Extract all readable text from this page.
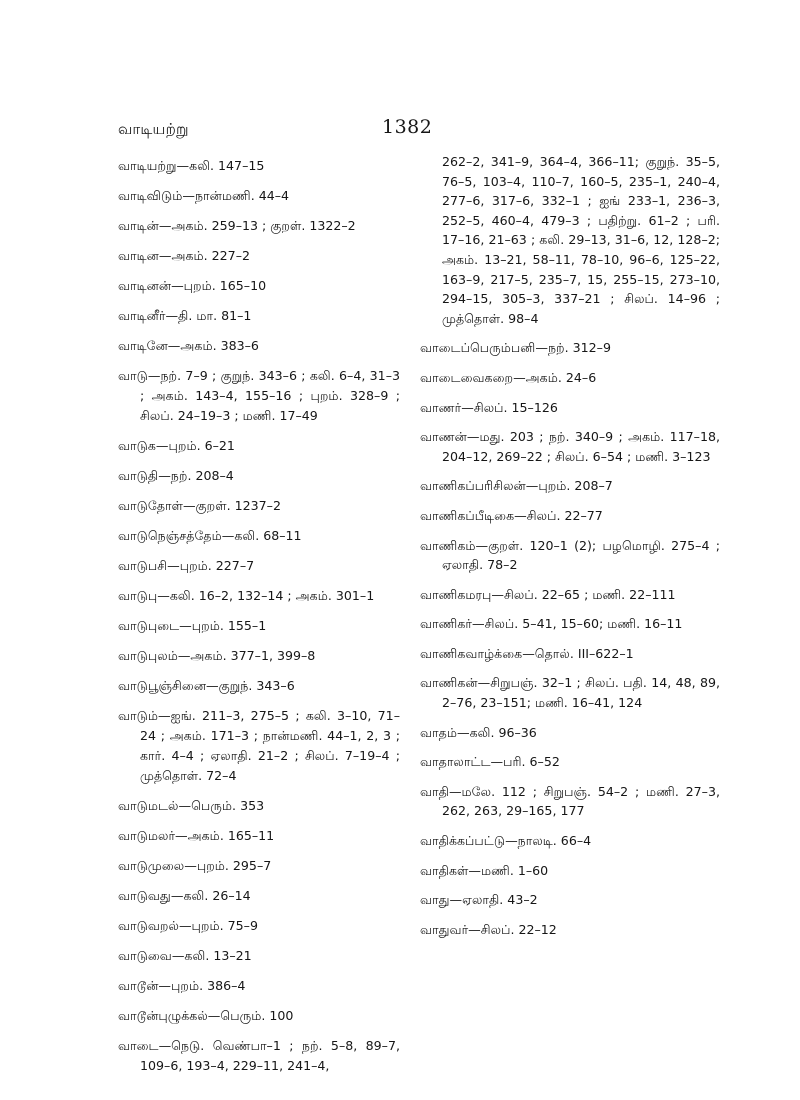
வாடியற்று	1382
வாடியற்று—கலி. 147–15
வாடிவிடும்—நான்மணி. 44–4
வாடின்—அகம். 259–13 ; குறள். 1322–2
வாடின—அகம். 227–2
வாடினன்—புறம். 165–10
வாடினீர்—தி. மா. 81–1
வாடினே—அகம். 383–6
வாடு—நற். 7–9 ; குறுந். 343–6 ; கலி. 6–4, 31–3 ; அகம். 143–4, 155–16 ; புறம். 328–9 ; சிலப். 24–19–3 ; மணி. 17–49
வாடுக—புறம். 6–21
வாடுதி—நற். 208–4
வாடுதோள்—குறள். 1237–2
வாடுநெஞ்சத்தேம்—கலி. 68–11
வாடுபசி—புறம். 227–7
வாடுபு—கலி. 16–2, 132–14 ; அகம். 301–1
வாடுபுடை—புறம். 155–1
வாடுபுலம்—அகம். 377–1, 399–8
வாடுபூஞ்சினை—குறுந். 343–6
வாடும்—ஐங். 211–3, 275–5 ; கலி. 3–10, 71–24 ; அகம். 171–3 ; நான்மணி. 44–1, 2, 3 ; கார். 4–4 ; ஏலாதி. 21–2 ; சிலப். 7–19–4 ; முத்தொள். 72–4
வாடுமடல்—பெரும். 353
வாடுமலர்—அகம். 165–11
வாடுமுலை—புறம். 295–7
வாடுவது—கலி. 26–14
வாடுவறல்—புறம். 75–9
வாடுவை—கலி. 13–21
வாடூன்—புறம். 386–4
வாடூன்புழுக்கல்—பெரும். 100
வாடை—நெடு. வெண்பா–1 ; நற். 5–8, 89–7, 109–6, 193–4, 229–11, 241–4,
262–2, 341–9, 364–4, 366–11; குறுந். 35–5, 76–5, 103–4, 110–7, 160–5, 235–1, 240–4, 277–6, 317–6, 332–1 ; ஐங் 233–1, 236–3, 252–5, 460–4, 479–3 ; பதிற்று. 61–2 ; பரி. 17–16, 21–63 ; கலி. 29–13, 31–6, 12, 128–2; அகம். 13–21, 58–11, 78–10, 96–6, 125–22, 163–9, 217–5, 235–7, 15, 255–15, 273–10, 294–15, 305–3, 337–21 ; சிலப். 14–96 ; முத்தொள். 98–4
வாடைப்பெரும்பனி—நற். 312–9
வாடைவைகறை—அகம். 24–6
வாணர்—சிலப். 15–126
வாணன்—மது. 203 ; நற். 340–9 ; அகம். 117–18, 204–12, 269–22 ; சிலப். 6–54 ; மணி. 3–123
வாணிகப்பரிசிலன்—புறம். 208–7
வாணிகப்பீடிகை—சிலப். 22–77
வாணிகம்—குறள். 120–1 (2); பழமொழி. 275–4 ; ஏலாதி. 78–2
வாணிகமரபு—சிலப். 22–65 ; மணி. 22–111
வாணிகர்—சிலப். 5–41, 15–60; மணி. 16–11
வாணிகவாழ்க்கை—தொல். III–622–1
வாணிகன்—சிறுபஞ். 32–1 ; சிலப். பதி. 14, 48, 89, 2–76, 23–151; மணி. 16–41, 124
வாதம்—கலி. 96–36
வாதாலாட்ட—பரி. 6–52
வாதி—மலே. 112 ; சிறுபஞ். 54–2 ; மணி. 27–3, 262, 263, 29–165, 177
வாதிக்கப்பட்டு—நாலடி. 66–4
வாதிகள்—மணி. 1–60
வாது—ஏலாதி. 43–2
வாதுவர்—சிலப். 22–12
